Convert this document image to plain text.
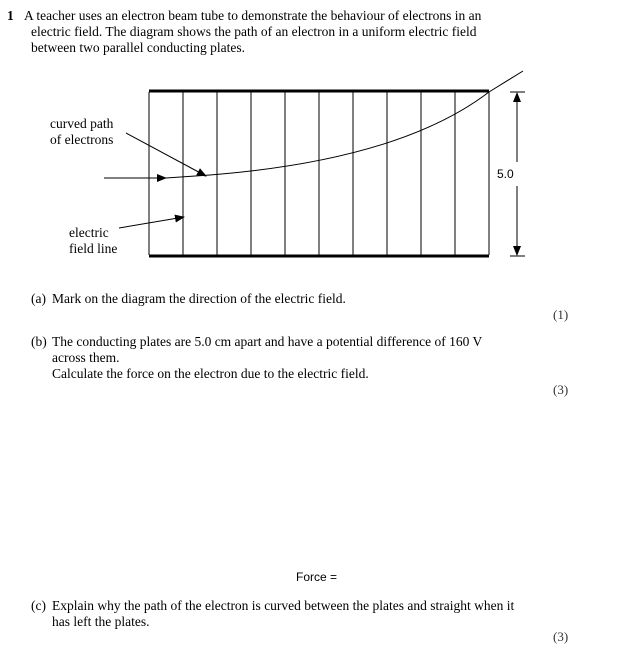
1 A teacher uses an electron beam tube to demonstrate the behaviour of electrons in an
electric field. The diagram shows the path of an electron in a uniform electric field
between two parallel conducting plates.
curved path
of electrons
electric
field line
5.0
(a) Mark on the diagram the direction of the electric field.
(1)
(b) The conducting plates are 5.0 cm apart and have a potential difference of 160 V
across them.
Calculate the force on the electron due to the electric field.
(3)
Force =
(c) Explain why the path of the electron is curved between the plates and straight when it
has left the plates.
(3)
